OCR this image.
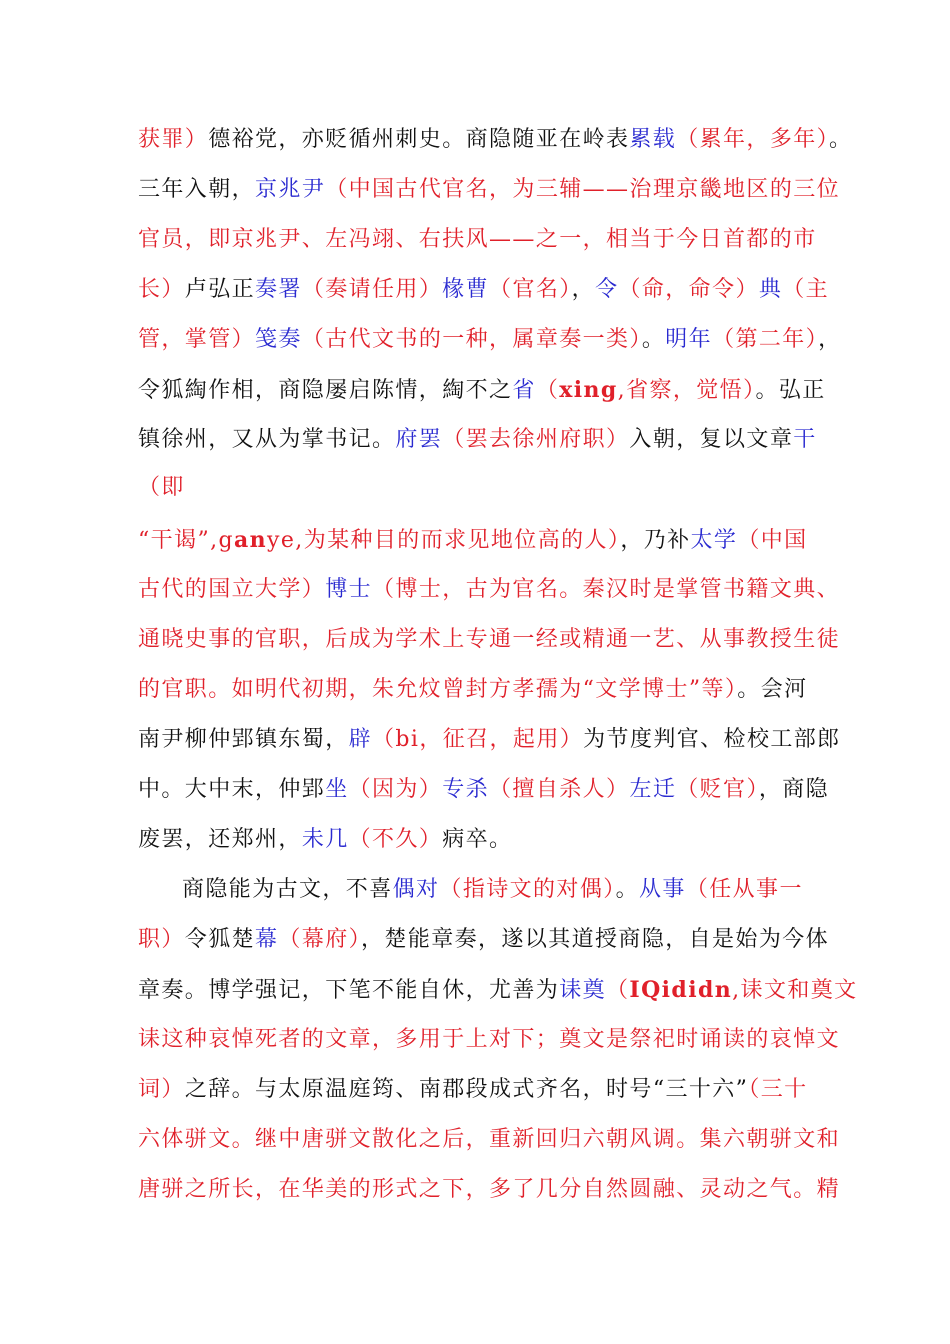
获罪）德裕党，亦贬循州刺史。商隐随亚在岭表累载（累年，多年）。
三年入朝，京兆尹（中国古代官名，为三辅——治理京畿地区的三位
官员，即京兆尹、左冯翊、右扶风——之一，相当于今日首都的市
长）卢弘正奏署（奏请任用）椽曹（官名），令（命，命令）典（主
管，掌管）笺奏（古代文书的一种，属章奏一类）。明年（第二年），
令狐綯作相，商隐屡启陈情，綯不之省（xing,省察，觉悟）。弘正
镇徐州，又从为掌书记。府罢（罢去徐州府职）入朝，复以文章干
（即
“干谒”,ganye,为某种目的而求见地位高的人），乃补太学（中国
古代的国立大学）博士（博士，古为官名。秦汉时是掌管书籍文典、
通晓史事的官职，后成为学术上专通一经或精通一艺、从事教授生徒
的官职。如明代初期，朱允炆曾封方孝孺为“文学博士”等）。会河
南尹柳仲郢镇东蜀，辟（bi，征召，起用）为节度判官、检校工部郎
中。大中末，仲郢坐（因为）专杀（擅自杀人）左迁（贬官），商隐
废罢，还郑州，未几（不久）病卒。
商隐能为古文，不喜偶对（指诗文的对偶）。从事（任从事一
职）令狐楚幕（幕府），楚能章奏，遂以其道授商隐，自是始为今体
章奏。博学强记，下笔不能自休，尤善为诔奠（IQididn,诔文和奠文
诔这种哀悼死者的文章，多用于上对下；奠文是祭祀时诵读的哀悼文
词）之辞。与太原温庭筠、南郡段成式齐名，时号“三十六”（三十
六体骈文。继中唐骈文散化之后，重新回归六朝风调。集六朝骈文和
唐骈之所长，在华美的形式之下，多了几分自然圆融、灵动之气。精
